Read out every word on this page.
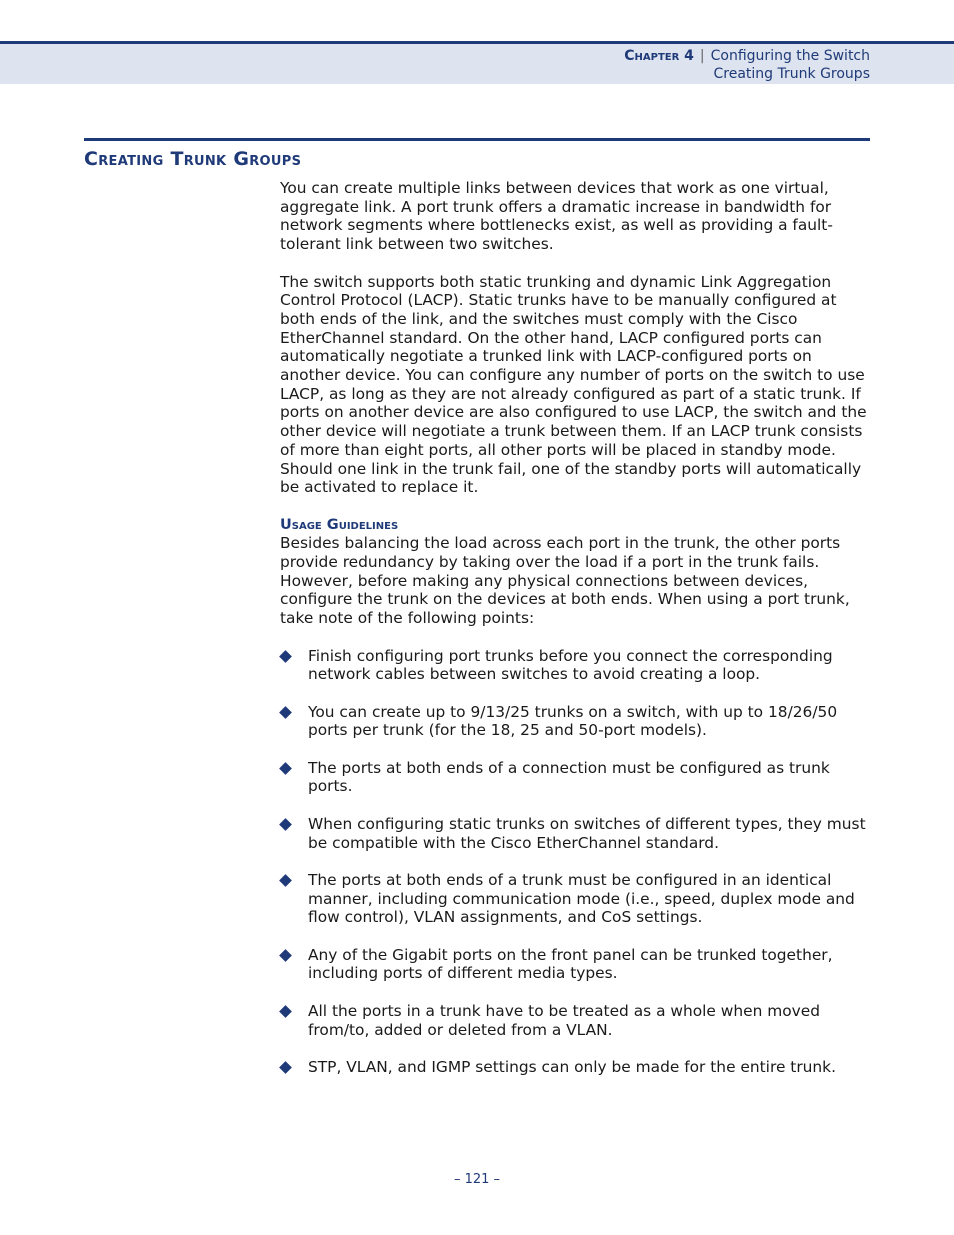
Chapter 4 | Configuring the Switch
Creating Trunk Groups
Creating Trunk Groups

You can create multiple links between devices that work as one virtual, aggregate link. A port trunk offers a dramatic increase in bandwidth for network segments where bottlenecks exist, as well as providing a fault-tolerant link between two switches.

The switch supports both static trunking and dynamic Link Aggregation Control Protocol (LACP). Static trunks have to be manually configured at both ends of the link, and the switches must comply with the Cisco EtherChannel standard. On the other hand, LACP configured ports can automatically negotiate a trunked link with LACP-configured ports on another device. You can configure any number of ports on the switch to use LACP, as long as they are not already configured as part of a static trunk. If ports on another device are also configured to use LACP, the switch and the other device will negotiate a trunk between them. If an LACP trunk consists of more than eight ports, all other ports will be placed in standby mode. Should one link in the trunk fail, one of the standby ports will automatically be activated to replace it.

Usage Guidelines

Besides balancing the load across each port in the trunk, the other ports provide redundancy by taking over the load if a port in the trunk fails. However, before making any physical connections between devices, configure the trunk on the devices at both ends. When using a port trunk, take note of the following points:

Finish configuring port trunks before you connect the corresponding network cables between switches to avoid creating a loop.
You can create up to 9/13/25 trunks on a switch, with up to 18/26/50 ports per trunk (for the 18, 25 and 50-port models).
The ports at both ends of a connection must be configured as trunk ports.
When configuring static trunks on switches of different types, they must be compatible with the Cisco EtherChannel standard.
The ports at both ends of a trunk must be configured in an identical manner, including communication mode (i.e., speed, duplex mode and flow control), VLAN assignments, and CoS settings.
Any of the Gigabit ports on the front panel can be trunked together, including ports of different media types.
All the ports in a trunk have to be treated as a whole when moved from/to, added or deleted from a VLAN.
STP, VLAN, and IGMP settings can only be made for the entire trunk.
– 121 –
